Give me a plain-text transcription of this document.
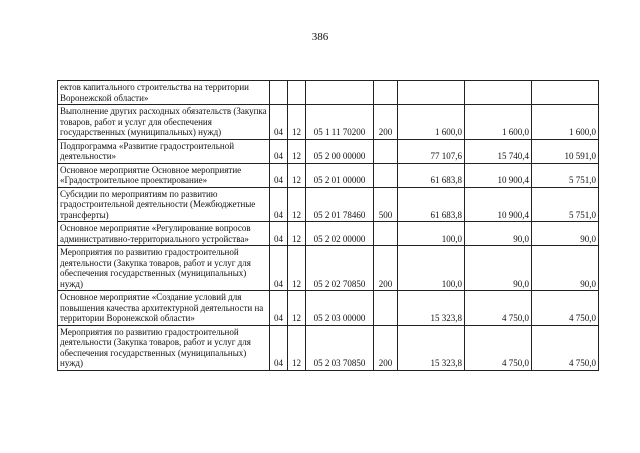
386
ектов капитального строительства на территории Воронежской области»							
Выполнение других расходных обязательств (Закупка товаров, работ и услуг для обеспечения государственных (муниципальных) нужд)	04	12	05 1 11 70200	200	1 600,0	1 600,0	1 600,0
Подпрограмма «Развитие градостроительной деятельности»	04	12	05 2 00 00000		77 107,6	15 740,4	10 591,0
Основное мероприятие Основное мероприятие «Градостроительное проектирование»	04	12	05 2 01 00000		61 683,8	10 900,4	5 751,0
Субсидии по мероприятиям по развитию градостроительной деятельности (Межбюджетные трансферты)	04	12	05 2 01 78460	500	61 683,8	10 900,4	5 751,0
Основное мероприятие «Регулирование вопросов административно-территориального устройства»	04	12	05 2 02 00000		100,0	90,0	90,0
Мероприятия по развитию градостроительной деятельности (Закупка товаров, работ и услуг для обеспечения государственных (муниципальных) нужд)	04	12	05 2 02 70850	200	100,0	90,0	90,0
Основное мероприятие «Создание условий для повышения качества архитектурной деятельности на территории Воронежской области»	04	12	05 2 03 00000		15 323,8	4 750,0	4 750,0
Мероприятия по развитию градостроительной деятельности (Закупка товаров, работ и услуг для обеспечения государственных (муниципальных) нужд)	04	12	05 2 03 70850	200	15 323,8	4 750,0	4 750,0
